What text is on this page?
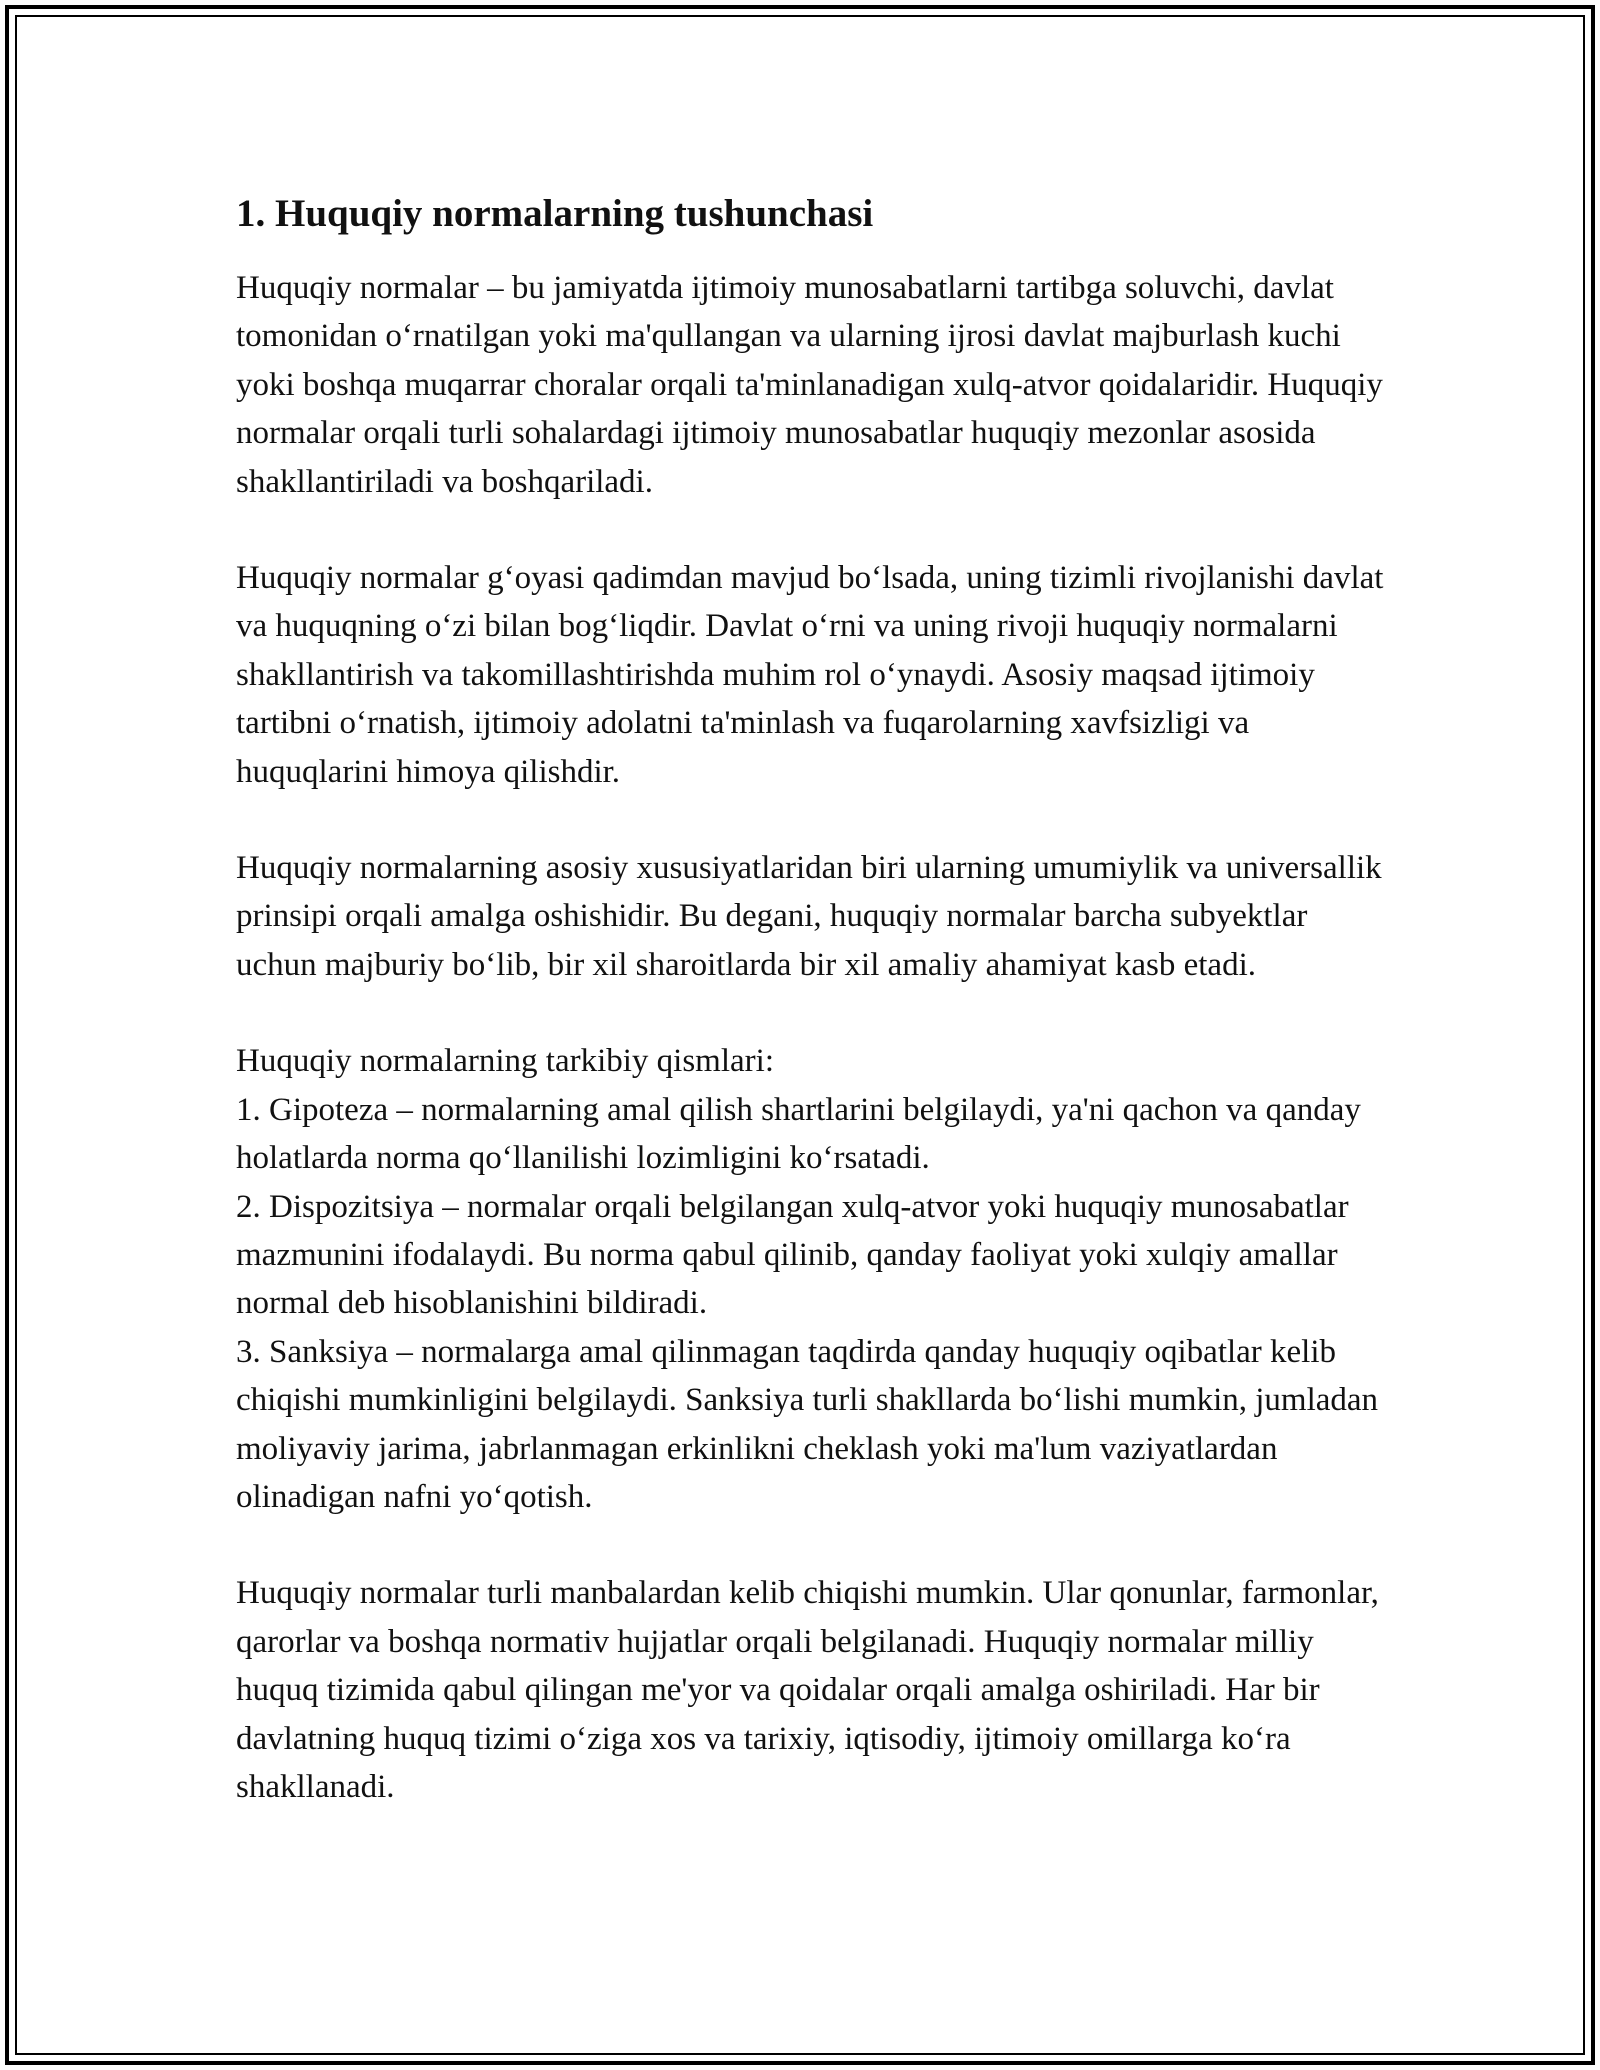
1. Huquqiy normalarning tushunchasi

Huquqiy normalar – bu jamiyatda ijtimoiy munosabatlarni tartibga soluvchi, davlat tomonidan o‘rnatilgan yoki ma'qullangan va ularning ijrosi davlat majburlash kuchi yoki boshqa muqarrar choralar orqali ta'minlanadigan xulq-atvor qoidalaridir. Huquqiy normalar orqali turli sohalardagi ijtimoiy munosabatlar huquqiy mezonlar asosida shakllantiriladi va boshqariladi.

Huquqiy normalar g‘oyasi qadimdan mavjud bo‘lsada, uning tizimli rivojlanishi davlat va huquqning o‘zi bilan bog‘liqdir. Davlat o‘rni va uning rivoji huquqiy normalarni shakllantirish va takomillashtirishda muhim rol o‘ynaydi. Asosiy maqsad ijtimoiy tartibni o‘rnatish, ijtimoiy adolatni ta'minlash va fuqarolarning xavfsizligi va huquqlarini himoya qilishdir.

Huquqiy normalarning asosiy xususiyatlaridan biri ularning umumiylik va universallik prinsipi orqali amalga oshishidir. Bu degani, huquqiy normalar barcha subyektlar uchun majburiy bo‘lib, bir xil sharoitlarda bir xil amaliy ahamiyat kasb etadi.

Huquqiy normalarning tarkibiy qismlari:
1. Gipoteza – normalarning amal qilish shartlarini belgilaydi, ya'ni qachon va qanday holatlarda norma qo‘llanilishi lozimligini ko‘rsatadi.
2. Dispozitsiya – normalar orqali belgilangan xulq-atvor yoki huquqiy munosabatlar mazmunini ifodalaydi. Bu norma qabul qilinib, qanday faoliyat yoki xulqiy amallar normal deb hisoblanishini bildiradi.
3. Sanksiya – normalarga amal qilinmagan taqdirda qanday huquqiy oqibatlar kelib chiqishi mumkinligini belgilaydi. Sanksiya turli shakllarda bo‘lishi mumkin, jumladan moliyaviy jarima, jabrlanmagan erkinlikni cheklash yoki ma'lum vaziyatlardan olinadigan nafni yo‘qotish.

Huquqiy normalar turli manbalardan kelib chiqishi mumkin. Ular qonunlar, farmonlar, qarorlar va boshqa normativ hujjatlar orqali belgilanadi. Huquqiy normalar milliy huquq tizimida qabul qilingan me'yor va qoidalar orqali amalga oshiriladi. Har bir davlatning huquq tizimi o‘ziga xos va tarixiy, iqtisodiy, ijtimoiy omillarga ko‘ra shakllanadi.
